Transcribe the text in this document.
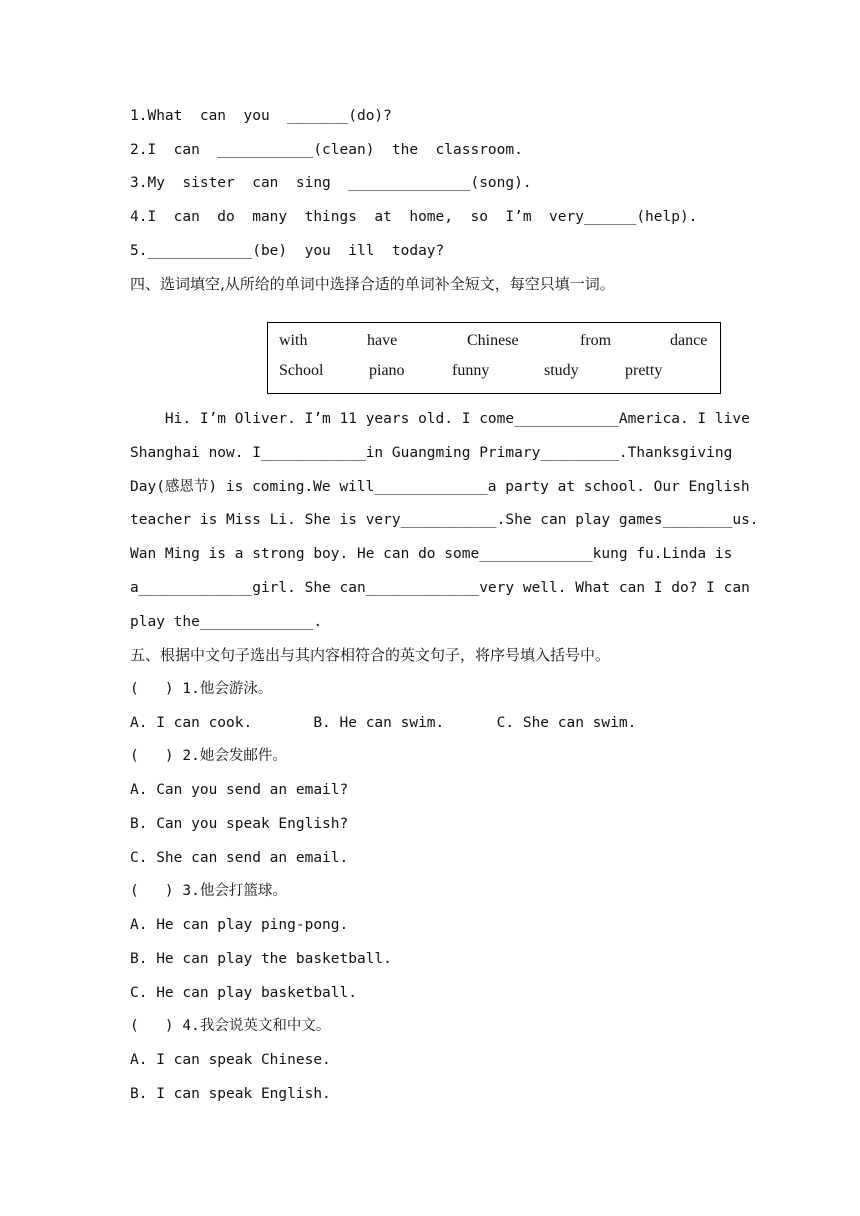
1.What  can  you  _______(do)?
2.I  can  ___________(clean)  the  classroom.
3.My  sister  can  sing  ______________(song).
4.I  can  do  many  things  at  home,  so  I’m  very______(help).
5.____________(be)  you  ill  today?
四、选词填空,从所给的单词中选择合适的单词补全短文，每空只填一词。
with	have	Chinese	from	dance
School	piano	funny	study	pretty
Hi. I’m Oliver. I’m 11 years old. I come____________America. I live
Shanghai now. I____________in Guangming Primary_________.Thanksgiving
Day(感恩节) is coming.We will_____________a party at school. Our English
teacher is Miss Li. She is very___________.She can play games________us.
Wan Ming is a strong boy. He can do some_____________kung fu.Linda is
a_____________girl. She can_____________very well. What can I do? I can
play the_____________.
五、根据中文句子选出与其内容相符合的英文句子，将序号填入括号中。
(   ) 1.他会游泳。
A. I can cook.       B. He can swim.      C. She can swim.
(   ) 2.她会发邮件。
A. Can you send an email?
B. Can you speak English?
C. She can send an email.
(   ) 3.他会打篮球。
A. He can play ping-pong.
B. He can play the basketball.
C. He can play basketball.
(   ) 4.我会说英文和中文。
A. I can speak Chinese.
B. I can speak English.
